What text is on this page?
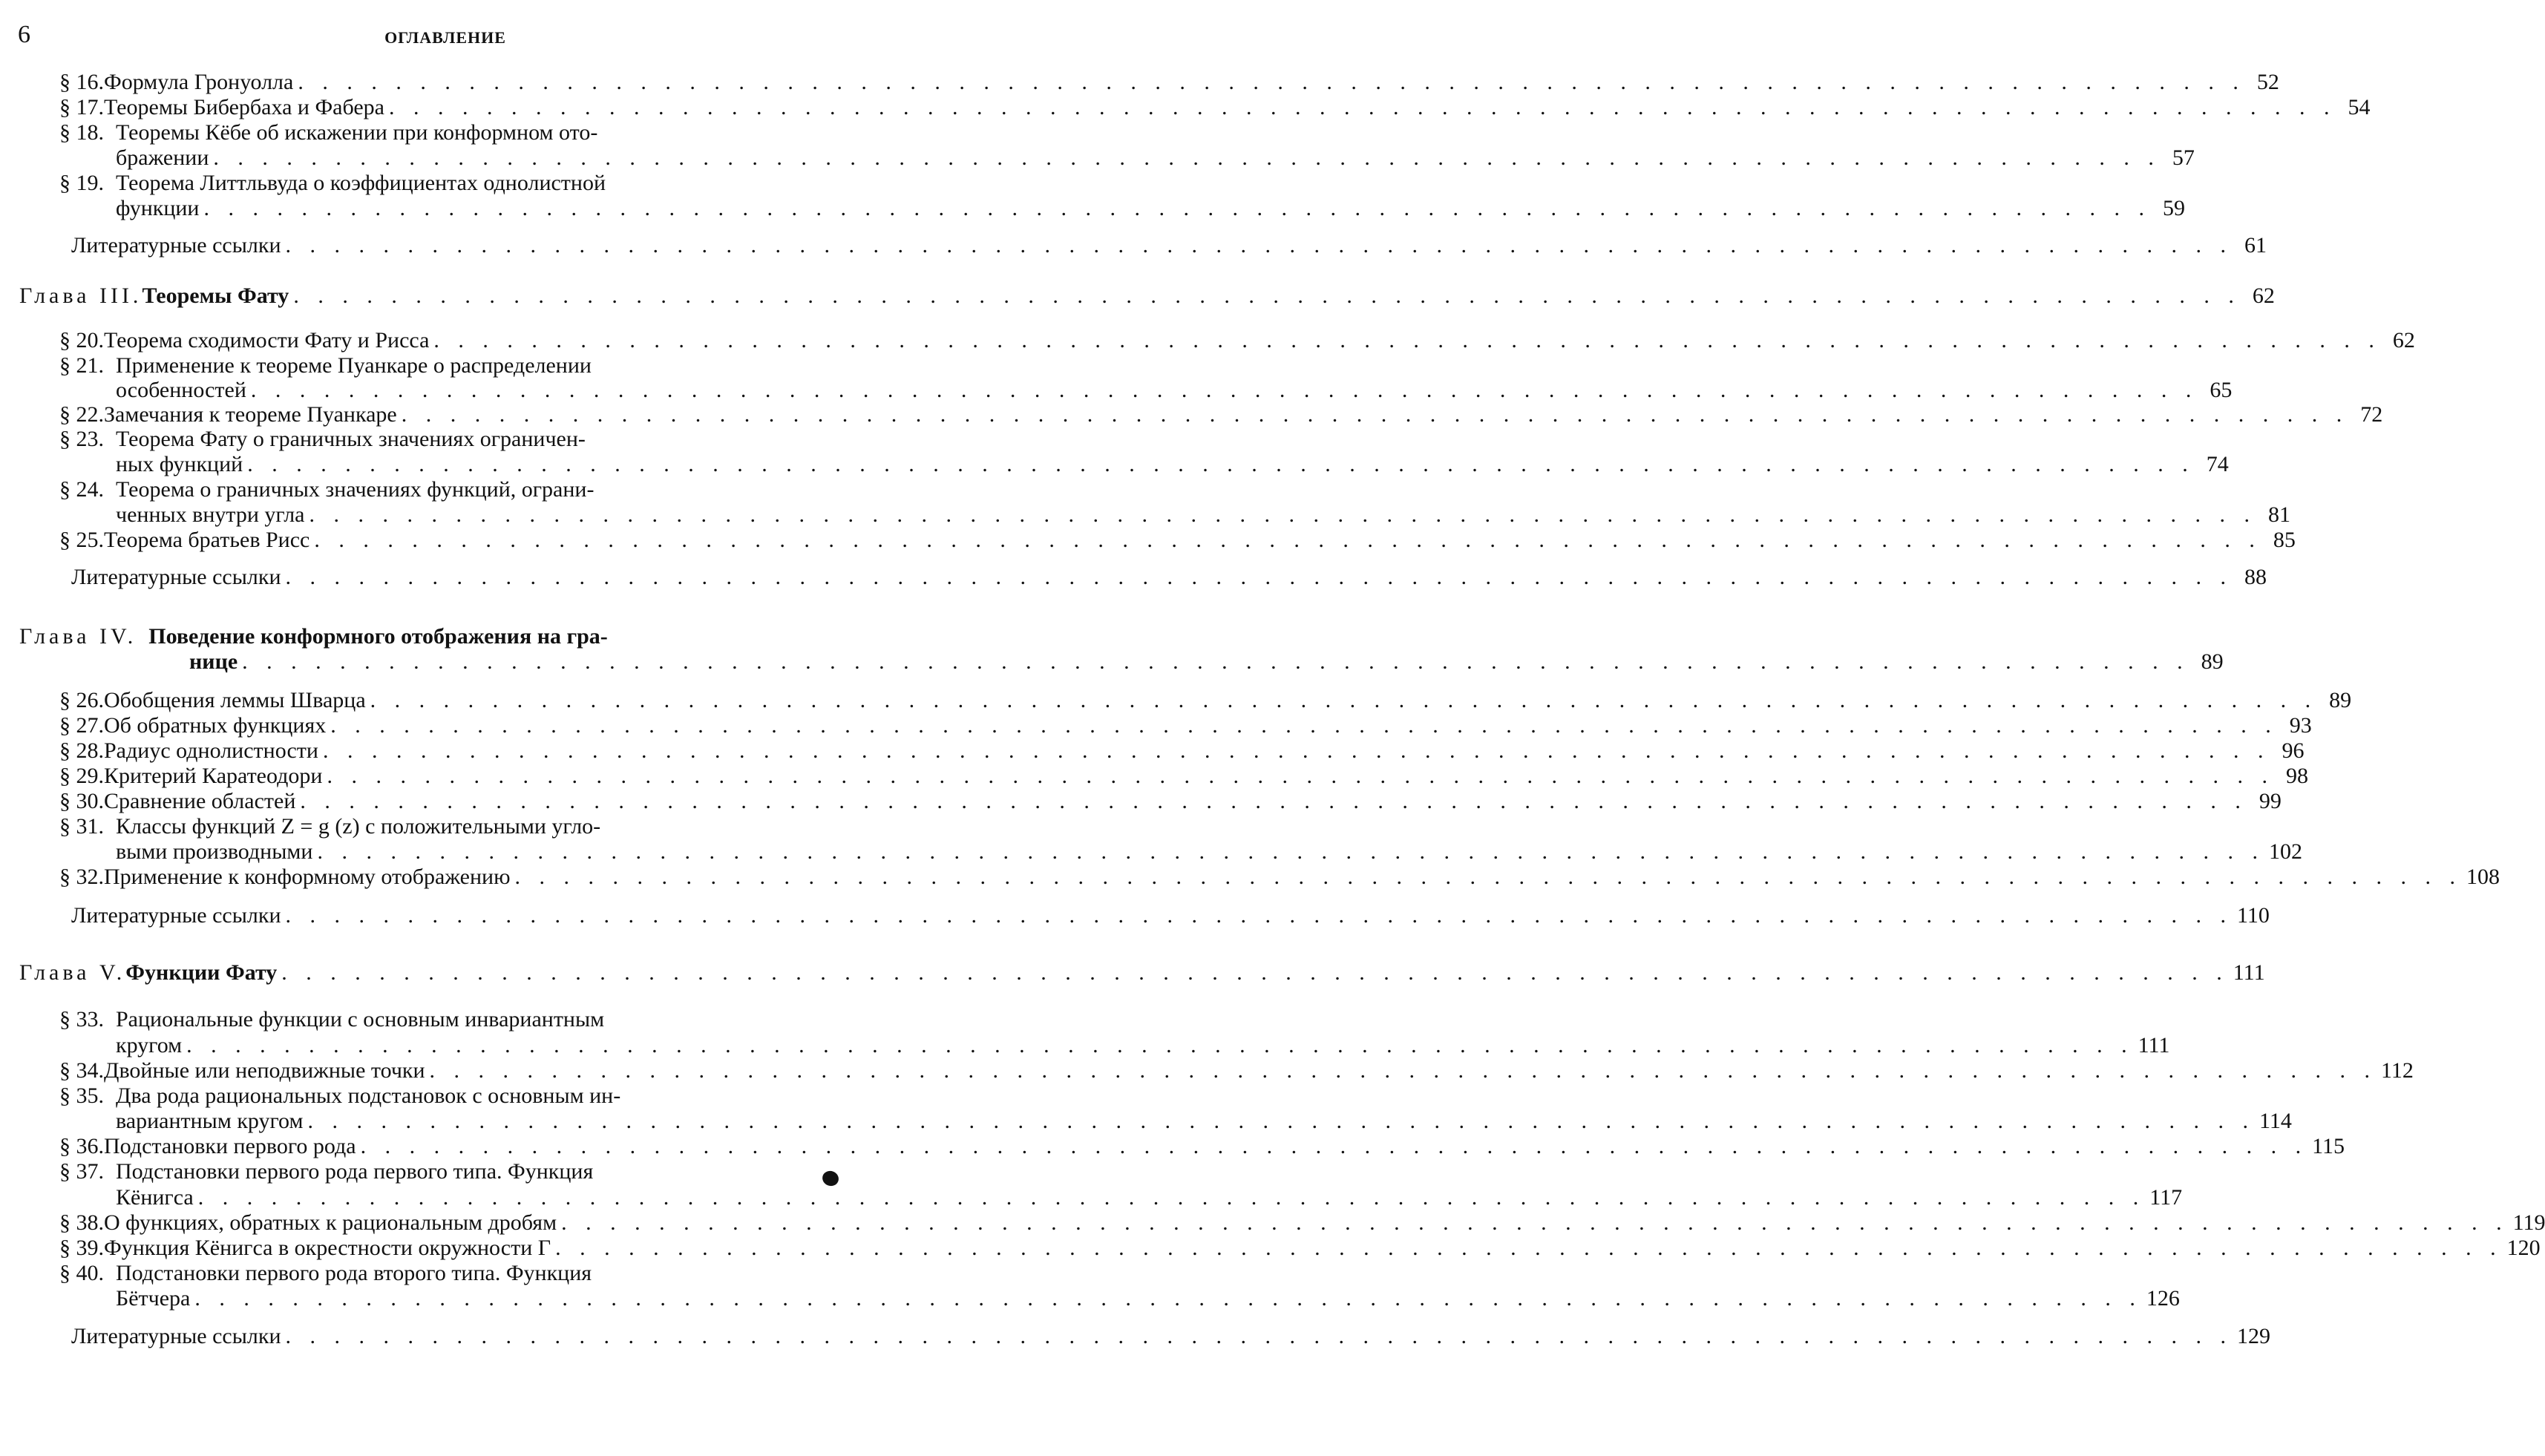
6	ОГЛАВЛЕНИЕ
§ 16. Формула Гронуолла . . . . . . . . . . . . . . . . . . . . . . . . . . . . . . . . . . . . . . . . . . . . . . . . . . . . . . . . . . . . . . . . . . . . . . . . . . . . . . . . 52
§ 17. Теоремы Бибербаха и Фабера . . . . . . . . . . . . . . . . . . . . . . . . . . . . . . . . . . . . . . . . . . . . . . . . . . . . . . . . . . . . . . . . . . . . . . . . . . . . . . . . 54
§ 18. Теоремы Кёбе об искажении при конформном ото-
бражении . . . . . . . . . . . . . . . . . . . . . . . . . . . . . . . . . . . . . . . . . . . . . . . . . . . . . . . . . . . . . . . . . . . . . . . . . . . . . . . . 57
§ 19. Теорема Литтльвуда о коэффициентах однолистной
функции . . . . . . . . . . . . . . . . . . . . . . . . . . . . . . . . . . . . . . . . . . . . . . . . . . . . . . . . . . . . . . . . . . . . . . . . . . . . . . . . 59
Литературные ссылки . . . . . . . . . . . . . . . . . . . . . . . . . . . . . . . . . . . . . . . . . . . . . . . . . . . . . . . . . . . . . . . . . . . . . . . . . . . . . . . . 61
Глава III. Теоремы Фату . . . . . . . . . . . . . . . . . . . . . . . . . . . . . . . . . . . . . . . . . . . . . . . . . . . . . . . . . . . . . . . . . . . . . . . . . . . . . . . . 62
§ 20. Теорема сходимости Фату и Рисса . . . . . . . . . . . . . . . . . . . . . . . . . . . . . . . . . . . . . . . . . . . . . . . . . . . . . . . . . . . . . . . . . . . . . . . . . . . . . . . . 62
§ 21. Применение к теореме Пуанкаре о распределении
особенностей . . . . . . . . . . . . . . . . . . . . . . . . . . . . . . . . . . . . . . . . . . . . . . . . . . . . . . . . . . . . . . . . . . . . . . . . . . . . . . . . 65
§ 22. Замечания к теореме Пуанкаре . . . . . . . . . . . . . . . . . . . . . . . . . . . . . . . . . . . . . . . . . . . . . . . . . . . . . . . . . . . . . . . . . . . . . . . . . . . . . . . . 72
§ 23. Теорема Фату о граничных значениях ограничен-
ных функций . . . . . . . . . . . . . . . . . . . . . . . . . . . . . . . . . . . . . . . . . . . . . . . . . . . . . . . . . . . . . . . . . . . . . . . . . . . . . . . . 74
§ 24. Теорема о граничных значениях функций, ограни-
ченных внутри угла . . . . . . . . . . . . . . . . . . . . . . . . . . . . . . . . . . . . . . . . . . . . . . . . . . . . . . . . . . . . . . . . . . . . . . . . . . . . . . . . 81
§ 25. Теорема братьев Рисс . . . . . . . . . . . . . . . . . . . . . . . . . . . . . . . . . . . . . . . . . . . . . . . . . . . . . . . . . . . . . . . . . . . . . . . . . . . . . . . . 85
Литературные ссылки . . . . . . . . . . . . . . . . . . . . . . . . . . . . . . . . . . . . . . . . . . . . . . . . . . . . . . . . . . . . . . . . . . . . . . . . . . . . . . . . 88
Глава IV. Поведение конформного отображения на гра-
нице . . . . . . . . . . . . . . . . . . . . . . . . . . . . . . . . . . . . . . . . . . . . . . . . . . . . . . . . . . . . . . . . . . . . . . . . . . . . . . . . 89
§ 26. Обобщения леммы Шварца . . . . . . . . . . . . . . . . . . . . . . . . . . . . . . . . . . . . . . . . . . . . . . . . . . . . . . . . . . . . . . . . . . . . . . . . . . . . . . . . 89
§ 27. Об обратных функциях . . . . . . . . . . . . . . . . . . . . . . . . . . . . . . . . . . . . . . . . . . . . . . . . . . . . . . . . . . . . . . . . . . . . . . . . . . . . . . . . 93
§ 28. Радиус однолистности . . . . . . . . . . . . . . . . . . . . . . . . . . . . . . . . . . . . . . . . . . . . . . . . . . . . . . . . . . . . . . . . . . . . . . . . . . . . . . . . 96
§ 29. Критерий Каратеодори . . . . . . . . . . . . . . . . . . . . . . . . . . . . . . . . . . . . . . . . . . . . . . . . . . . . . . . . . . . . . . . . . . . . . . . . . . . . . . . . 98
§ 30. Сравнение областей . . . . . . . . . . . . . . . . . . . . . . . . . . . . . . . . . . . . . . . . . . . . . . . . . . . . . . . . . . . . . . . . . . . . . . . . . . . . . . . . 99
§ 31. Классы функций Z = g (z) с положительными угло-
выми производными . . . . . . . . . . . . . . . . . . . . . . . . . . . . . . . . . . . . . . . . . . . . . . . . . . . . . . . . . . . . . . . . . . . . . . . . . . . . . . . . 102
§ 32. Применение к конформному отображению . . . . . . . . . . . . . . . . . . . . . . . . . . . . . . . . . . . . . . . . . . . . . . . . . . . . . . . . . . . . . . . . . . . . . . . . . . . . . . . . 108
Литературные ссылки . . . . . . . . . . . . . . . . . . . . . . . . . . . . . . . . . . . . . . . . . . . . . . . . . . . . . . . . . . . . . . . . . . . . . . . . . . . . . . . . 110
Глава V. Функции Фату . . . . . . . . . . . . . . . . . . . . . . . . . . . . . . . . . . . . . . . . . . . . . . . . . . . . . . . . . . . . . . . . . . . . . . . . . . . . . . . . 111
§ 33. Рациональные функции с основным инвариантным
кругом . . . . . . . . . . . . . . . . . . . . . . . . . . . . . . . . . . . . . . . . . . . . . . . . . . . . . . . . . . . . . . . . . . . . . . . . . . . . . . . . 111
§ 34. Двойные или неподвижные точки . . . . . . . . . . . . . . . . . . . . . . . . . . . . . . . . . . . . . . . . . . . . . . . . . . . . . . . . . . . . . . . . . . . . . . . . . . . . . . . . 112
§ 35. Два рода рациональных подстановок с основным ин-
вариантным кругом . . . . . . . . . . . . . . . . . . . . . . . . . . . . . . . . . . . . . . . . . . . . . . . . . . . . . . . . . . . . . . . . . . . . . . . . . . . . . . . . 114
§ 36. Подстановки первого рода . . . . . . . . . . . . . . . . . . . . . . . . . . . . . . . . . . . . . . . . . . . . . . . . . . . . . . . . . . . . . . . . . . . . . . . . . . . . . . . . 115
§ 37. Подстановки первого рода первого типа. Функция
Кёнигса . . . . . . . . . . . . . . . . . . . . . . . . . . . . . . . . . . . . . . . . . . . . . . . . . . . . . . . . . . . . . . . . . . . . . . . . . . . . . . . . 117
§ 38. О функциях, обратных к рациональным дробям . . . . . . . . . . . . . . . . . . . . . . . . . . . . . . . . . . . . . . . . . . . . . . . . . . . . . . . . . . . . . . . . . . . . . . . . . . . . . . . . 119
§ 39. Функция Кёнигса в окрестности окружности Г . . . . . . . . . . . . . . . . . . . . . . . . . . . . . . . . . . . . . . . . . . . . . . . . . . . . . . . . . . . . . . . . . . . . . . . . . . . . . . . . 120
§ 40. Подстановки первого рода второго типа. Функция
Бётчера . . . . . . . . . . . . . . . . . . . . . . . . . . . . . . . . . . . . . . . . . . . . . . . . . . . . . . . . . . . . . . . . . . . . . . . . . . . . . . . . 126
Литературные ссылки . . . . . . . . . . . . . . . . . . . . . . . . . . . . . . . . . . . . . . . . . . . . . . . . . . . . . . . . . . . . . . . . . . . . . . . . . . . . . . . . 129
